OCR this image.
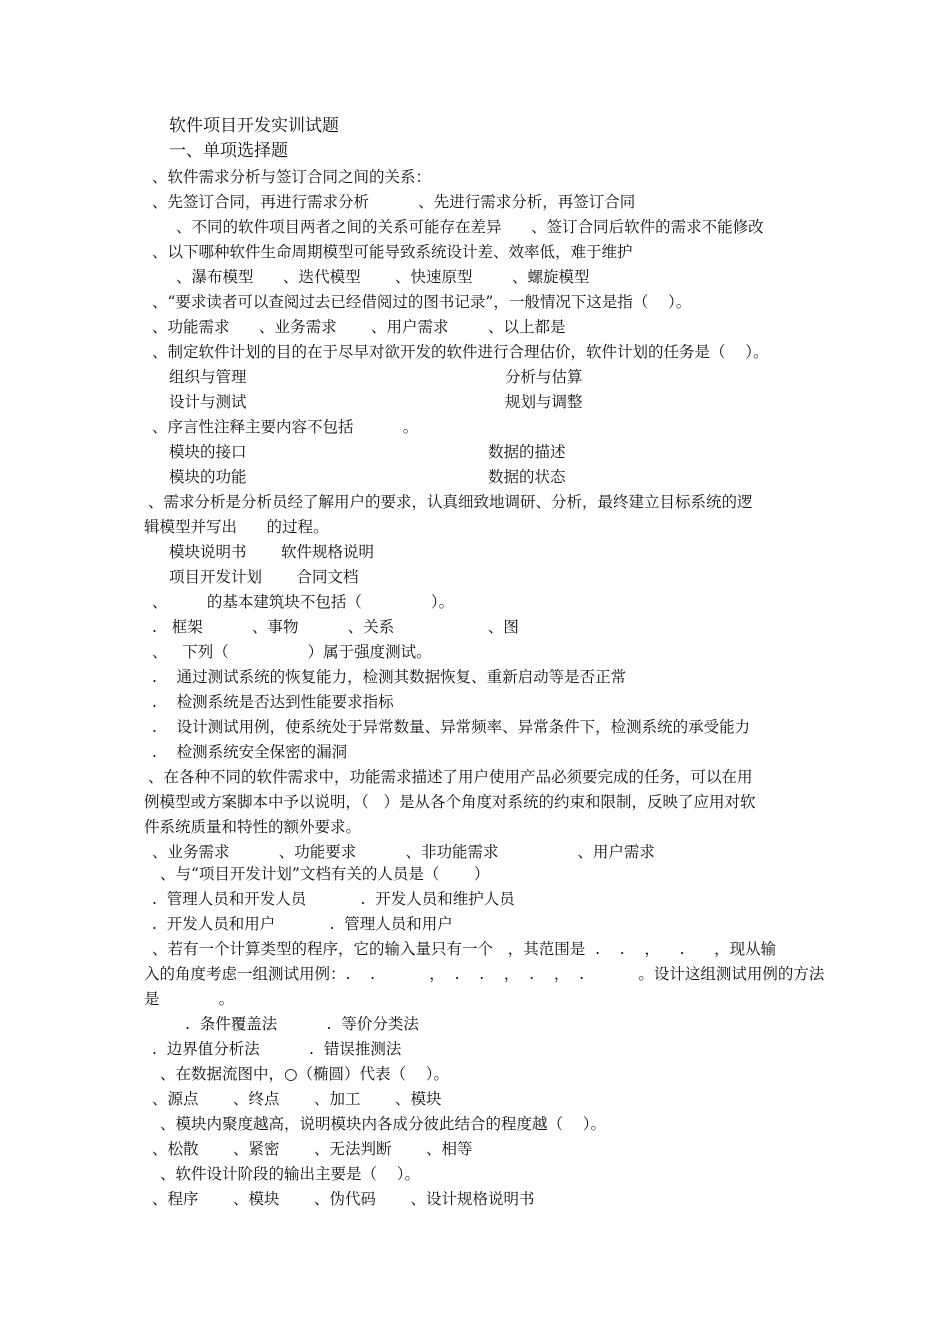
软件项目开发实训试题
一、单项选择题
、软件需求分析与签订合同之间的关系：
、先签订合同，再进行需求分析          、先进行需求分析，再签订合同
、不同的软件项目两者之间的关系可能存在差异      、签订合同后软件的需求不能修改
、以下哪种软件生命周期模型可能导致系统设计差、效率低，难于维护
、瀑布模型      、迭代模型       、快速原型        、螺旋模型
、“要求读者可以查阅过去已经借阅过的图书记录”，一般情况下这是指（    ）。
、功能需求      、业务需求       、用户需求        、以上都是
、制定软件计划的目的在于尽早对欲开发的软件进行合理估价，软件计划的任务是（    ）。
组织与管理	分析与估算
设计与测试	规划与调整
、序言性注释主要内容不包括          。
模块的接口	数据的描述
模块的功能	数据的状态
、需求分析是分析员经了解用户的要求，认真细致地调研、分析，最终建立目标系统的逻
辑模型并写出      的过程。
模块说明书       软件规格说明
项目开发计划       合同文档
、        的基本建筑块不包括（              ）。
.   框架          、事物          、关系                   、图
、   下列（                ）属于强度测试。
.    通过测试系统的恢复能力，检测其数据恢复、重新启动等是否正常
.    检测系统是否达到性能要求指标
.    设计测试用例，使系统处于异常数量、异常频率、异常条件下，检测系统的承受能力
.    检测系统安全保密的漏洞
、在各种不同的软件需求中，功能需求描述了用户使用产品必须要完成的任务，可以在用
例模型或方案脚本中予以说明，（   ）是从各个角度对系统的约束和限制，反映了应用对软
件系统质量和特性的额外要求。
、业务需求          、功能要求          、非功能需求                、用户需求
、与“项目开发计划”文档有关的人员是（       ）
.  管理人员和开发人员           .  开发人员和维护人员
.  开发人员和用户           .  管理人员和用户
、若有一个计算类型的程序，它的输入量只有一个   ，其范围是  .    .    ，    .      ，现从输
入的角度考虑一组测试用例：.    .           ，  .    .    ，  .    ，  .           。设计这组测试用例的方法
是            。
.  条件覆盖法          .  等价分类法
.  边界值分析法          .  错误推测法
、在数据流图中，○（椭圆）代表（    ）。
、源点       、终点       、加工       、模块
、模块内聚度越高，说明模块内各成分彼此结合的程度越（    ）。
、松散       、紧密       、无法判断       、相等
、软件设计阶段的输出主要是（    ）。
、程序       、模块       、伪代码       、设计规格说明书
